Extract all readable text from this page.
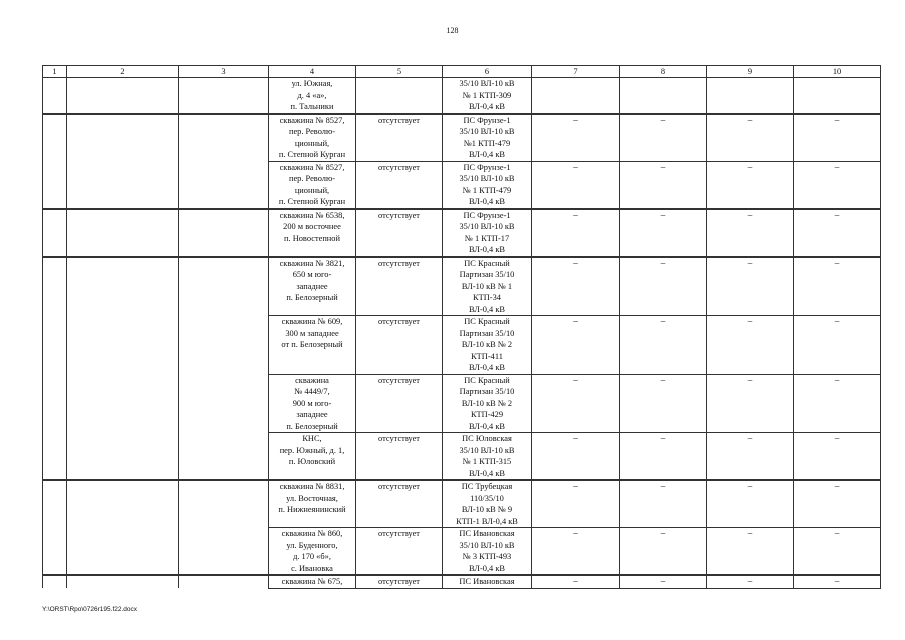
128
1	2	3	4	5	6	7	8	9	10

			ул. Южная,
д. 4 «а»,
п. Тальники		35/10 ВЛ-10 кВ
№ 1 КТП-309
ВЛ-0,4 кВ				

			скважина № 8527,
пер. Револю-
ционный,
п. Степной Курган	отсутствует	ПС Фрунзе-1
35/10 ВЛ-10 кВ
№1 КТП-479
ВЛ-0,4 кВ	–	–	–	–

			скважина № 8527,
пер. Револю-
ционный,
п. Степной Курган	отсутствует	ПС Фрунзе-1
35/10 ВЛ-10 кВ
№ 1 КТП-479
ВЛ-0,4 кВ	–	–	–	–

			скважина № 6538,
200 м восточнее
п. Новостепной	отсутствует	ПС Фрунзе-1
35/10 ВЛ-10 кВ
№ 1 КТП-17
ВЛ-0,4 кВ	–	–	–	–

			скважина № 3821,
650 м юго-
западнее
п. Белозерный	отсутствует	ПС Красный
Партизан 35/10
ВЛ-10 кВ № 1
КТП-34
ВЛ-0,4 кВ	–	–	–	–

			скважина № 609,
300 м западнее
от п. Белозерный	отсутствует	ПС Красный
Партизан 35/10
ВЛ-10 кВ № 2
КТП-411
ВЛ-0,4 кВ	–	–	–	–

			скважина
№ 4449/7,
900 м юго-
западнее
п. Белозерный	отсутствует	ПС Красный
Партизан 35/10
ВЛ-10 кВ № 2
КТП-429
ВЛ-0,4 кВ	–	–	–	–

			КНС,
пер. Южный, д. 1,
п. Юловский	отсутствует	ПС Юловская
35/10 ВЛ-10 кВ
№ 1 КТП-315
ВЛ-0,4 кВ	–	–	–	–

			скважина № 8831,
ул. Восточная,
п. Нижнеянинский	отсутствует	ПС Трубецкая
110/35/10
ВЛ-10 кВ № 9
КТП-1 ВЛ-0,4 кВ	–	–	–	–

			скважина № 860,
ул. Буденного,
д. 170 «б»,
с. Ивановка	отсутствует	ПС Ивановская
35/10 ВЛ-10 кВ
№ 3 КТП-493
ВЛ-0,4 кВ	–	–	–	–

			скважина № 675,	отсутствует	ПС Ивановская	–	–	–	–
Y:\ORST\Rpo\0726r195.f22.docx
